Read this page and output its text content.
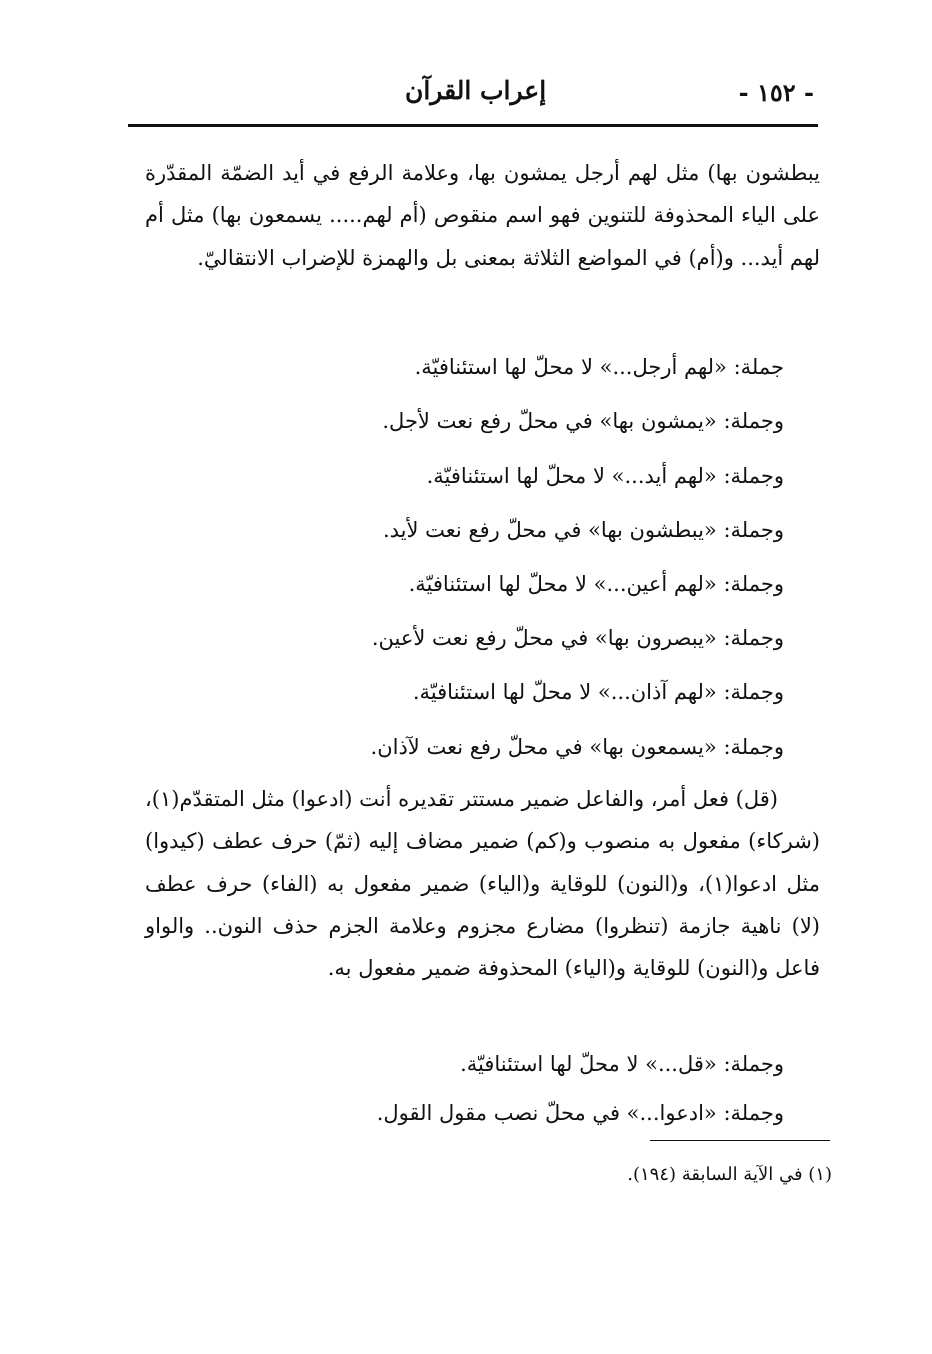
- ١٥٢ -
إعراب القرآن
يبطشون بها) مثل لهم أرجل يمشون بها، وعلامة الرفع في أيد الضمّة المقدّرة على الياء المحذوفة للتنوين فهو اسم منقوص (أم لهم..... يسمعون بها) مثل أم لهم أيد... و(أم) في المواضع الثلاثة بمعنى بل والهمزة للإضراب الانتقاليّ.
جملة: «لهم أرجل...» لا محلّ لها استئنافيّة.
وجملة: «يمشون بها» في محلّ رفع نعت لأجل.
وجملة: «لهم أيد...» لا محلّ لها استئنافيّة.
وجملة: «يبطشون بها» في محلّ رفع نعت لأيد.
وجملة: «لهم أعين...» لا محلّ لها استئنافيّة.
وجملة: «يبصرون بها» في محلّ رفع نعت لأعين.
وجملة: «لهم آذان...» لا محلّ لها استئنافيّة.
وجملة: «يسمعون بها» في محلّ رفع نعت لآذان.
(قل) فعل أمر، والفاعل ضمير مستتر تقديره أنت (ادعوا) مثل المتقدّم(١)، (شركاء) مفعول به منصوب و(كم) ضمير مضاف إليه (ثمّ) حرف عطف (كيدوا) مثل ادعوا(١)، و(النون) للوقاية و(الياء) ضمير مفعول به (الفاء) حرف عطف (لا) ناهية جازمة (تنظروا) مضارع مجزوم وعلامة الجزم حذف النون.. والواو فاعل و(النون) للوقاية و(الياء) المحذوفة ضمير مفعول به.
وجملة: «قل...» لا محلّ لها استئنافيّة.
وجملة: «ادعوا...» في محلّ نصب مقول القول.
(١) في الآية السابقة (١٩٤).
